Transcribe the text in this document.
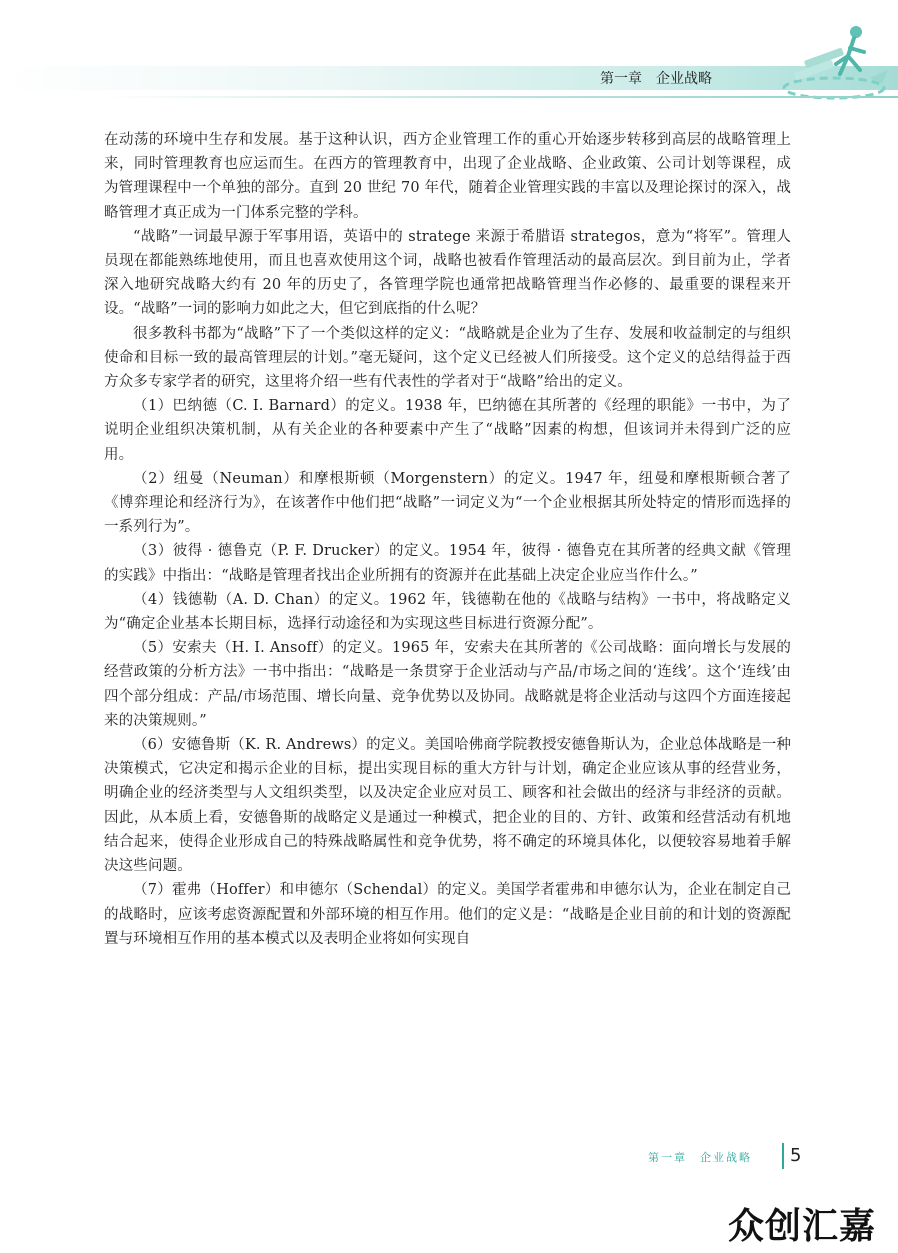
第一章　企业战略

在动荡的环境中生存和发展。基于这种认识，西方企业管理工作的重心开始逐步转移到高层的战略管理上来，同时管理教育也应运而生。在西方的管理教育中，出现了企业战略、企业政策、公司计划等课程，成为管理课程中一个单独的部分。直到 20 世纪 70 年代，随着企业管理实践的丰富以及理论探讨的深入，战略管理才真正成为一门体系完整的学科。

“战略”一词最早源于军事用语，英语中的 stratege 来源于希腊语 strategos，意为“将军”。管理人员现在都能熟练地使用，而且也喜欢使用这个词，战略也被看作管理活动的最高层次。到目前为止，学者深入地研究战略大约有 20 年的历史了，各管理学院也通常把战略管理当作必修的、最重要的课程来开设。“战略”一词的影响力如此之大，但它到底指的什么呢？

很多教科书都为“战略”下了一个类似这样的定义：“战略就是企业为了生存、发展和收益制定的与组织使命和目标一致的最高管理层的计划。”毫无疑问，这个定义已经被人们所接受。这个定义的总结得益于西方众多专家学者的研究，这里将介绍一些有代表性的学者对于“战略”给出的定义。

（1）巴纳德（C. I. Barnard）的定义。1938 年，巴纳德在其所著的《经理的职能》一书中，为了说明企业组织决策机制，从有关企业的各种要素中产生了“战略”因素的构想，但该词并未得到广泛的应用。

（2）纽曼（Neuman）和摩根斯顿（Morgenstern）的定义。1947 年，纽曼和摩根斯顿合著了《博弈理论和经济行为》，在该著作中他们把“战略”一词定义为“一个企业根据其所处特定的情形而选择的一系列行为”。

（3）彼得 · 德鲁克（P. F. Drucker）的定义。1954 年，彼得 · 德鲁克在其所著的经典文献《管理的实践》中指出：“战略是管理者找出企业所拥有的资源并在此基础上决定企业应当作什么。”

（4）钱德勒（A. D. Chan）的定义。1962 年，钱德勒在他的《战略与结构》一书中，将战略定义为“确定企业基本长期目标，选择行动途径和为实现这些目标进行资源分配”。

（5）安索夫（H. I. Ansoff）的定义。1965 年，安索夫在其所著的《公司战略：面向增长与发展的经营政策的分析方法》一书中指出：“战略是一条贯穿于企业活动与产品/市场之间的‘连线’。这个‘连线’由四个部分组成：产品/市场范围、增长向量、竞争优势以及协同。战略就是将企业活动与这四个方面连接起来的决策规则。”

（6）安德鲁斯（K. R. Andrews）的定义。美国哈佛商学院教授安德鲁斯认为，企业总体战略是一种决策模式，它决定和揭示企业的目标，提出实现目标的重大方针与计划，确定企业应该从事的经营业务，明确企业的经济类型与人文组织类型，以及决定企业应对员工、顾客和社会做出的经济与非经济的贡献。因此，从本质上看，安德鲁斯的战略定义是通过一种模式，把企业的目的、方针、政策和经营活动有机地结合起来，使得企业形成自己的特殊战略属性和竞争优势，将不确定的环境具体化，以便较容易地着手解决这些问题。

（7）霍弗（Hoffer）和申德尔（Schendal）的定义。美国学者霍弗和申德尔认为，企业在制定自己的战略时，应该考虑资源配置和外部环境的相互作用。他们的定义是：“战略是企业目前的和计划的资源配置与环境相互作用的基本模式以及表明企业将如何实现自

第一章　企业战略	5
众创汇嘉
